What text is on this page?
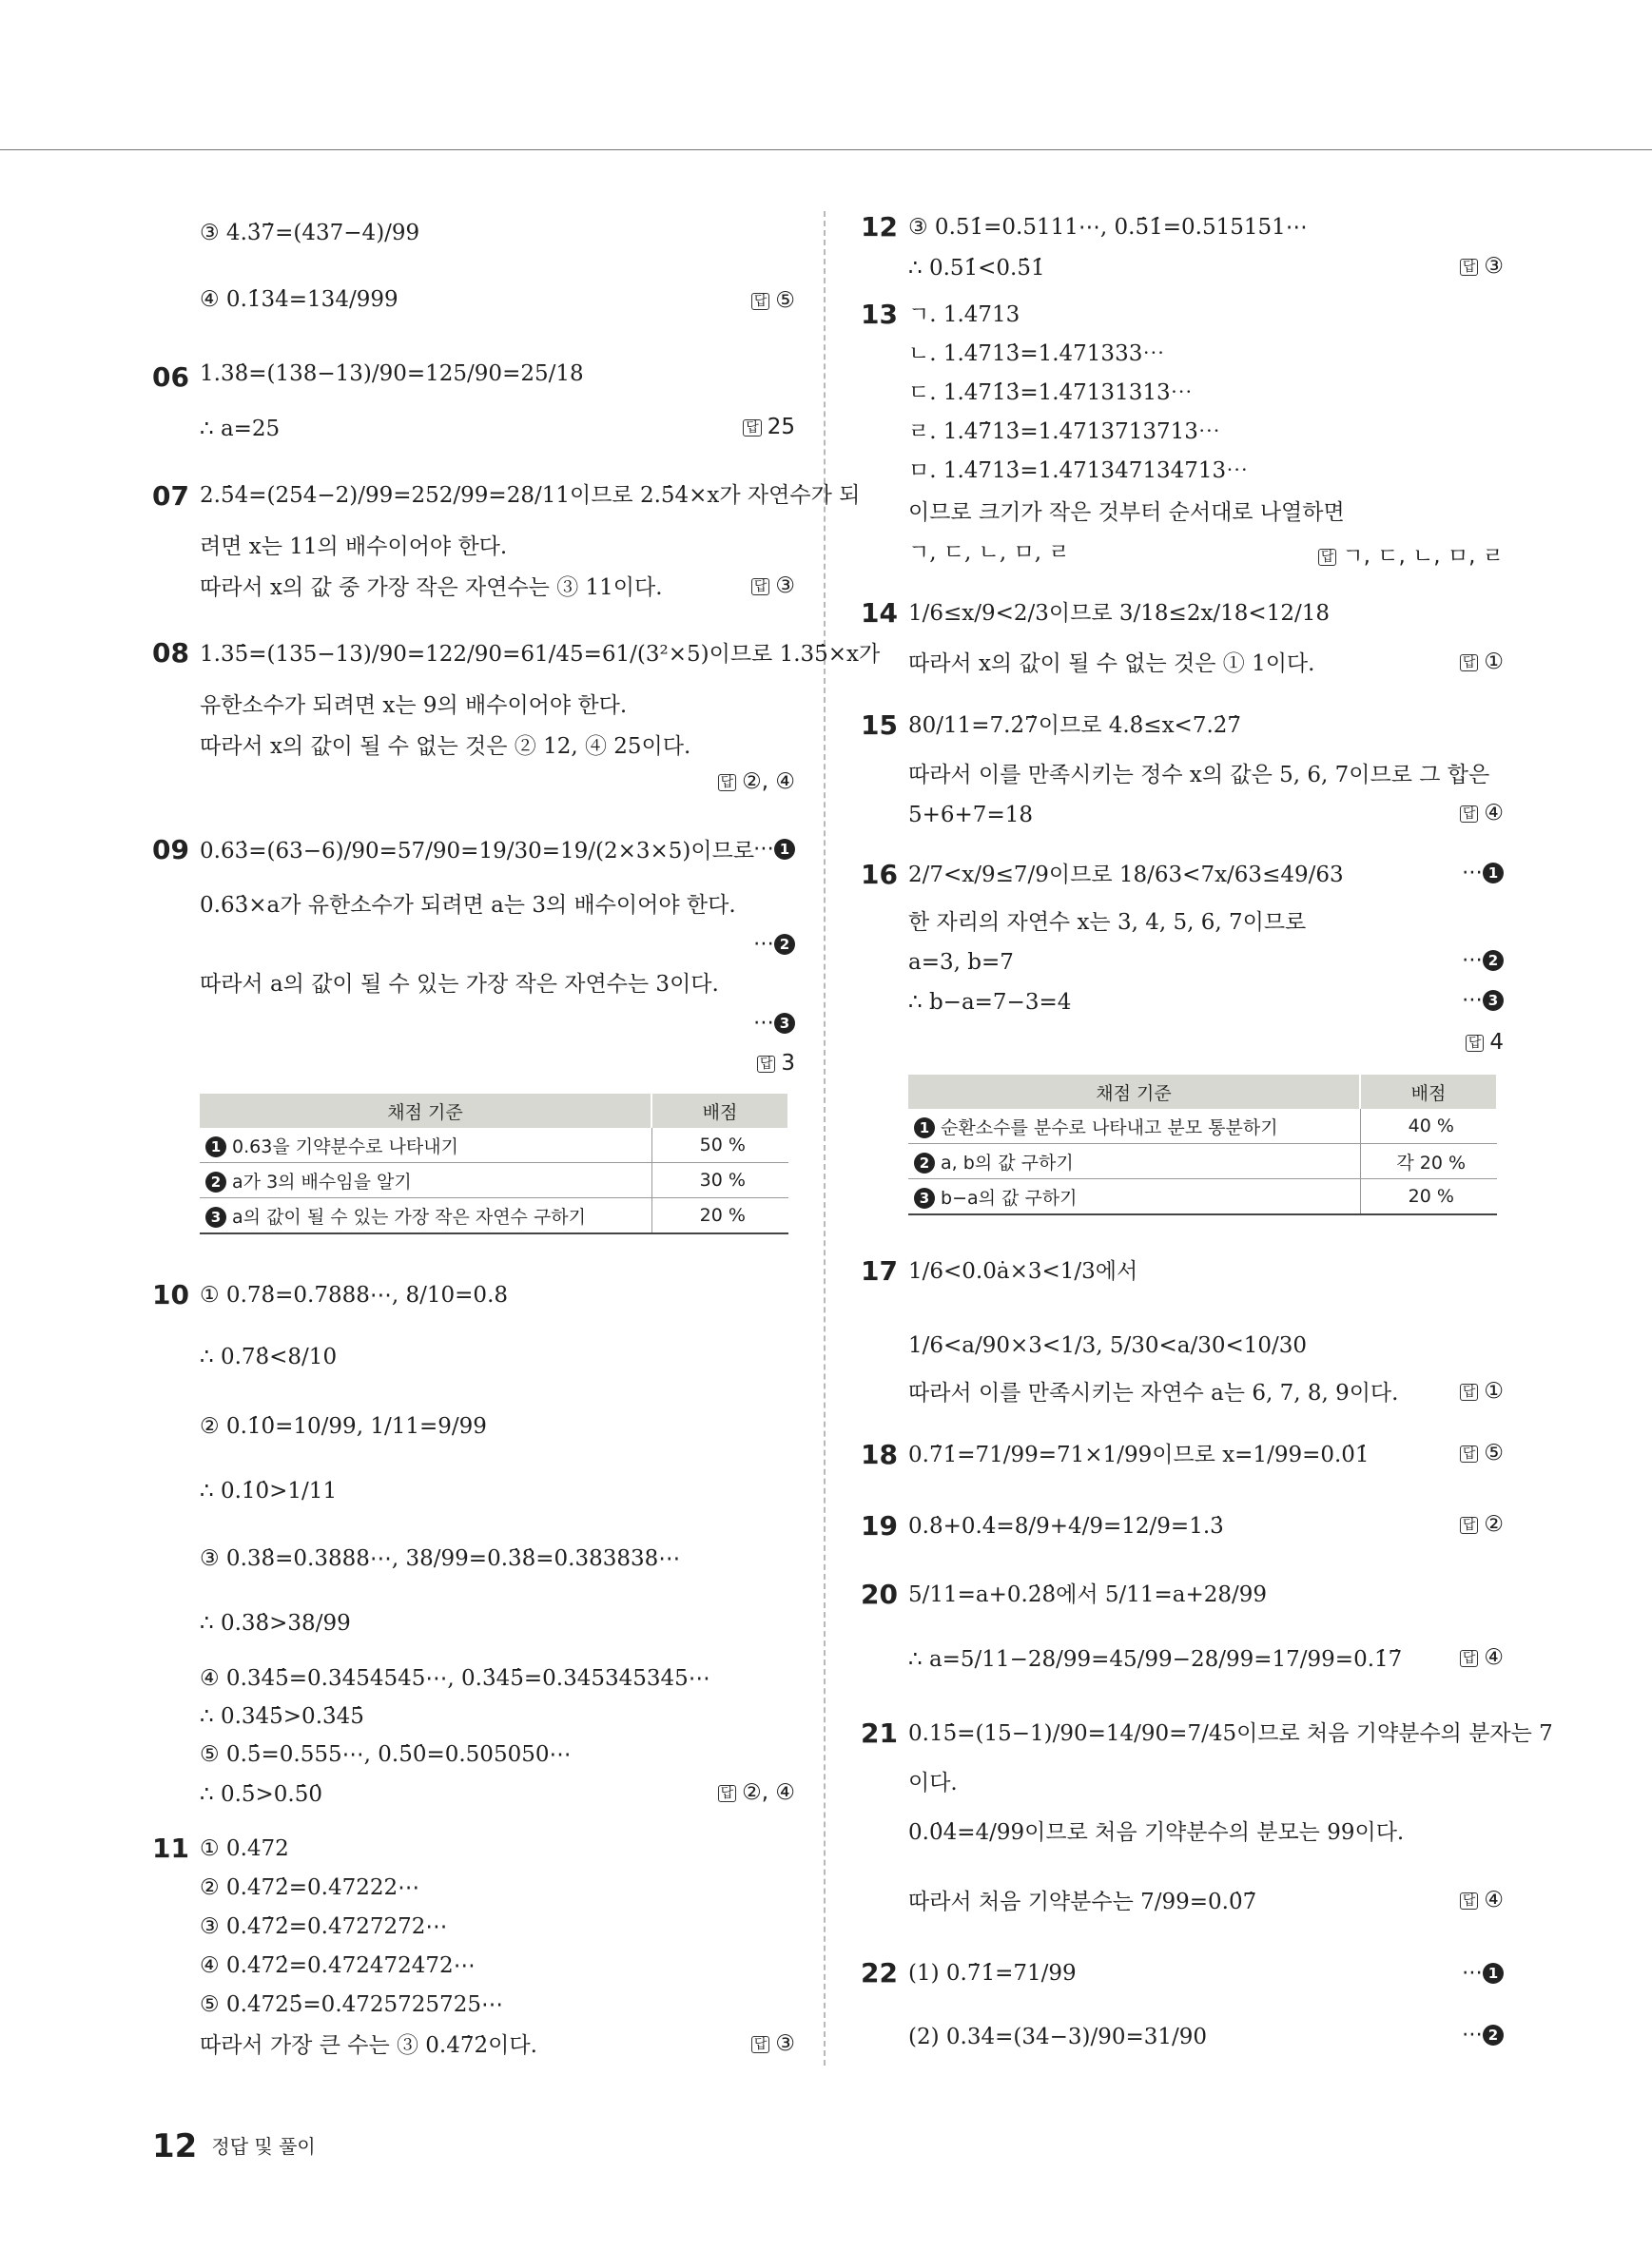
③ 4.3̇7̇=(437−4)/99
④ 0.1̇34̇=134/999
1.38̇=(138−13)/90=125/90=25/18
∴ a=25
2.5̇4̇=(254−2)/99=252/99=28/11이므로 2.5̇4̇×x가 자연수가 되
려면 x는 11의 배수이어야 한다.
따라서 x의 값 중 가장 작은 자연수는 ③ 11이다.
1.35̇=(135−13)/90=122/90=61/45=61/(3²×5)이므로 1.35̇×x가
유한소수가 되려면 x는 9의 배수이어야 한다.
따라서 x의 값이 될 수 없는 것은 ② 12, ④ 25이다.
0.63̇=(63−6)/90=57/90=19/30=19/(2×3×5)이므로
0.63̇×a가 유한소수가 되려면 a는 3의 배수이어야 한다.
따라서 a의 값이 될 수 있는 가장 작은 자연수는 3이다.
① 0.78̇=0.7888⋯, 8/10=0.8
∴ 0.78̇<8/10
② 0.1̇0̇=10/99, 1/11=9/99
∴ 0.1̇0̇>1/11
③ 0.38̇=0.3888⋯, 38/99=0.3̇8̇=0.383838⋯
∴ 0.38̇>38/99
④ 0.34̇5̇=0.3454545⋯, 0.3̇45̇=0.345345345⋯
∴ 0.34̇5̇>0.3̇45̇
⑤ 0.5̇=0.555⋯, 0.5̇0̇=0.505050⋯
∴ 0.5̇>0.5̇0̇
① 0.472
② 0.472̇=0.47222⋯
③ 0.47̇2̇=0.4727272⋯
④ 0.4̇72̇=0.472472472⋯
⑤ 0.4̇725̇=0.4725725725⋯
따라서 가장 큰 수는 ③ 0.47̇2̇이다.
06
07
08
09
10
11
답 ⑤
답 25
답 ③
답 ②, ④
답 3
답 ②, ④
답 ③
⋯ 1
⋯ 2
⋯ 3
채점 기준	배점
1 0.63̇을 기약분수로 나타내기	50 %
2 a가 3의 배수임을 알기	30 %
3 a의 값이 될 수 있는 가장 작은 자연수 구하기	20 %
③ 0.51̇=0.5111⋯, 0.5̇1̇=0.515151⋯
∴ 0.51̇<0.5̇1̇
ㄱ. 1.4713
ㄴ. 1.4713̇=1.471333⋯
ㄷ. 1.471̇3̇=1.47131313⋯
ㄹ. 1.47̇13̇=1.4713713713⋯
ㅁ. 1.4̇713̇=1.471347134713⋯
이므로 크기가 작은 것부터 순서대로 나열하면
ㄱ, ㄷ, ㄴ, ㅁ, ㄹ
1/6≤x/9<2/3이므로 3/18≤2x/18<12/18
따라서 x의 값이 될 수 없는 것은 ① 1이다.
80/11=7.2̇7̇이므로 4.8̇≤x<7.2̇7̇
따라서 이를 만족시키는 정수 x의 값은 5, 6, 7이므로 그 합은
5+6+7=18
2/7<x/9≤7/9이므로 18/63<7x/63≤49/63
한 자리의 자연수 x는 3, 4, 5, 6, 7이므로
a=3, b=7
∴ b−a=7−3=4
1/6<0.0ȧ×3<1/3에서
1/6<a/90×3<1/3, 5/30<a/30<10/30
따라서 이를 만족시키는 자연수 a는 6, 7, 8, 9이다.
0.7̇1̇=71/99=71×1/99이므로 x=1/99=0.0̇1̇
0.8̇+0.4̇=8/9+4/9=12/9=1.3̇
5/11=a+0.2̇8̇에서 5/11=a+28/99
∴ a=5/11−28/99=45/99−28/99=17/99=0.1̇7̇
0.15̇=(15−1)/90=14/90=7/45이므로 처음 기약분수의 분자는 7
이다.
0.0̇4̇=4/99이므로 처음 기약분수의 분모는 99이다.
따라서 처음 기약분수는 7/99=0.0̇7̇
(1) 0.7̇1̇=71/99
(2) 0.34̇=(34−3)/90=31/90
12
13
14
15
16
17
18
19
20
21
22
답 ③
답 ㄱ, ㄷ, ㄴ, ㅁ, ㄹ
답 ①
답 ④
답 4
답 ①
답 ⑤
답 ②
답 ④
답 ④
⋯ 1
⋯ 2
⋯ 3
⋯ 1
⋯ 2
채점 기준	배점
1 순환소수를 분수로 나타내고 분모 통분하기	40 %
2 a, b의 값 구하기	각 20 %
3 b−a의 값 구하기	20 %
12 정답 및 풀이
